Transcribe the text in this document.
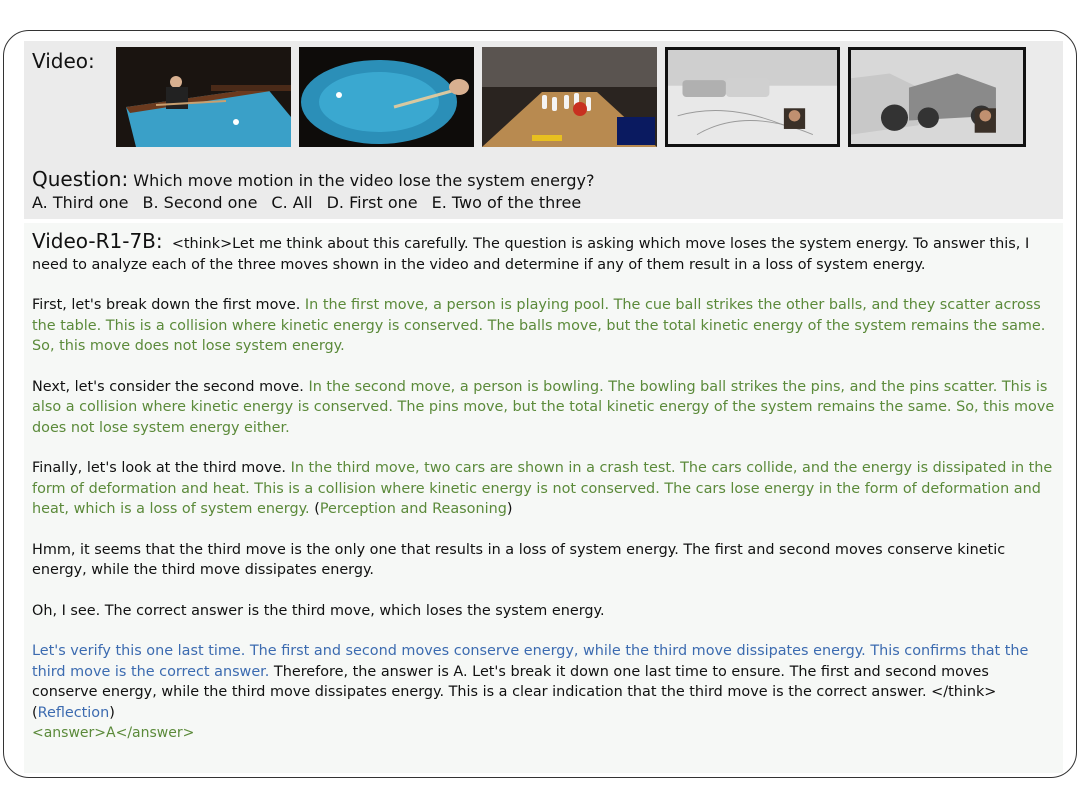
Video:
Question: Which move motion in the video lose the system energy?
A. Third one B. Second one C. All D. First one E. Two of the three

Video-R1-7B: <think>Let me think about this carefully. The question is asking which move loses the system energy. To answer this, I need to analyze each of the three moves shown in the video and determine if any of them result in a loss of system energy.

First, let's break down the first move. In the first move, a person is playing pool. The cue ball strikes the other balls, and they scatter across the table. This is a collision where kinetic energy is conserved. The balls move, but the total kinetic energy of the system remains the same. So, this move does not lose system energy.

Next, let's consider the second move. In the second move, a person is bowling. The bowling ball strikes the pins, and the pins scatter. This is also a collision where kinetic energy is conserved. The pins move, but the total kinetic energy of the system remains the same. So, this move does not lose system energy either.

Finally, let's look at the third move. In the third move, two cars are shown in a crash test. The cars collide, and the energy is dissipated in the form of deformation and heat. This is a collision where kinetic energy is not conserved. The cars lose energy in the form of deformation and heat, which is a loss of system energy. (Perception and Reasoning)

Hmm, it seems that the third move is the only one that results in a loss of system energy. The first and second moves conserve kinetic energy, while the third move dissipates energy.

Oh, I see. The correct answer is the third move, which loses the system energy.

Let's verify this one last time. The first and second moves conserve energy, while the third move dissipates energy. This confirms that the third move is the correct answer. Therefore, the answer is A. Let's break it down one last time to ensure. The first and second moves conserve energy, while the third move dissipates energy. This is a clear indication that the third move is the correct answer. </think> (Reflection)

<answer>A</answer>
